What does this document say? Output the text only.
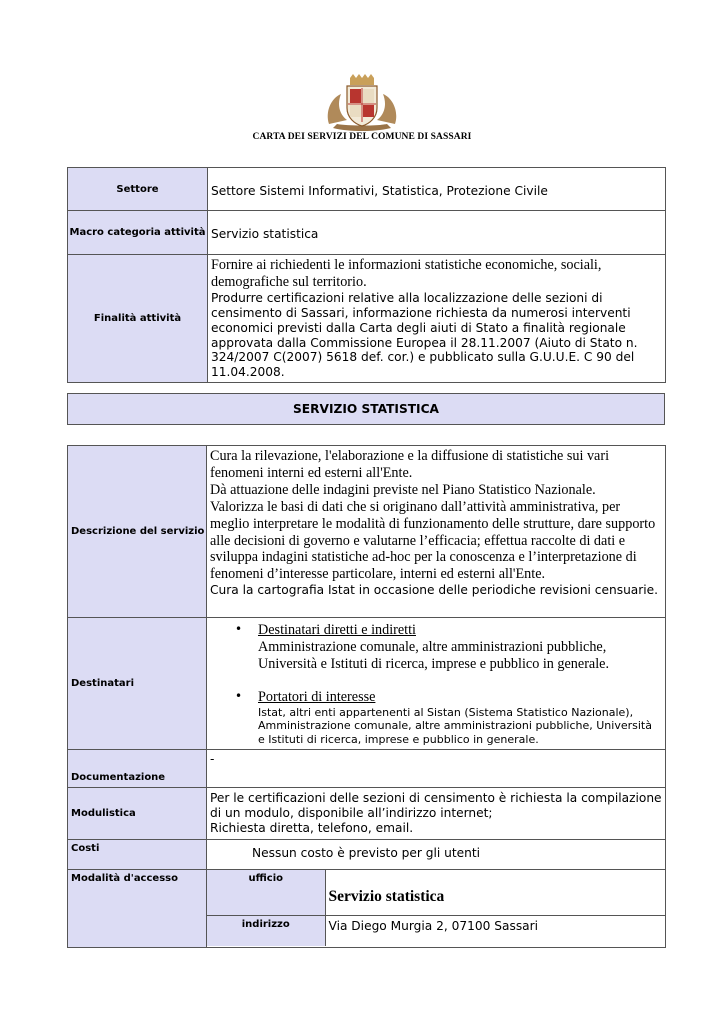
CARTA DEI SERVIZI DEL COMUNE DI SASSARI
Settore	Settore Sistemi Informativi, Statistica, Protezione Civile
Macro categoria attività	Servizio statistica
Finalità attività	Fornire ai richiedenti le informazioni statistiche economiche, sociali, demografiche sul territorio.
Produrre certificazioni relative alla localizzazione delle sezioni di censimento di Sassari, informazione richiesta da numerosi interventi economici previsti dalla Carta degli aiuti di Stato a finalità regionale approvata dalla Commissione Europea il 28.11.2007 (Aiuto di Stato n. 324/2007 C(2007) 5618 def. cor.) e pubblicato sulla G.U.U.E. C 90 del 11.04.2008.
SERVIZIO STATISTICA
Descrizione del servizio	
Cura la rilevazione, l'elaborazione e la diffusione di statistiche sui vari fenomeni interni ed esterni all'Ente.
Dà attuazione delle indagini previste nel Piano Statistico Nazionale.
Valorizza le basi di dati che si originano dall’attività amministrativa, per meglio interpretare le modalità di funzionamento delle strutture, dare supporto alle decisioni di governo e valutarne l’efficacia; effettua raccolte di dati e sviluppa indagini statistiche ad-hoc per la conoscenza e l’interpretazione di fenomeni d’interesse particolare, interni ed esterni all'Ente.
Cura la cartografia Istat in occasione delle periodiche revisioni censuarie.

Destinatari	
• Destinatari diretti e indiretti
Amministrazione comunale, altre amministrazioni pubbliche, Università e Istituti di ricerca, imprese e pubblico in generale.
• Portatori di interesse
Istat, altri enti appartenenti al Sistan (Sistema Statistico Nazionale), Amministrazione comunale, altre amministrazioni pubbliche, Università e Istituti di ricerca, imprese e pubblico in generale.

Documentazione	-
Modulistica	Per le certificazioni delle sezioni di censimento è richiesta la compilazione di un modulo, disponibile all’indirizzo internet;
Richiesta diretta, telefono, email.
Costi	Nessun costo è previsto per gli utenti
Modalità d'accesso		ufficio	Servizio statistica
indirizzo	Via Diego Murgia 2, 07100 Sassari
